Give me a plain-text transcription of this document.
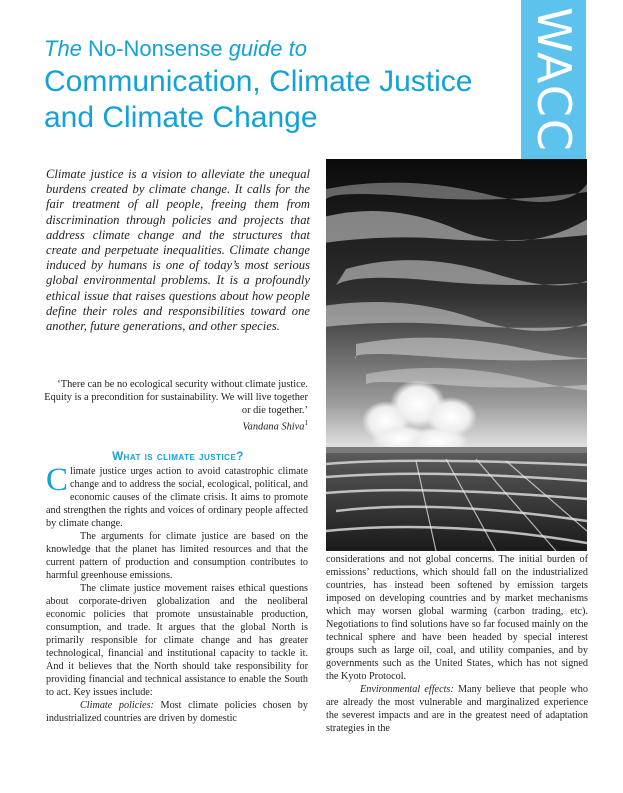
WACC
The No-Nonsense guide to
Communication, Climate Justice
and Climate Change

Climate justice is a vision to alleviate the unequal burdens created by climate change. It calls for the fair treatment of all people, freeing them from discrimination through policies and projects that address climate change and the structures that create and perpetuate inequalities. Climate change induced by humans is one of today’s most serious global environmental problems. It is a profoundly ethical issue that raises questions about how people define their roles and responsibilities toward one another, future generations, and other species.

‘There can be no ecological security without climate justice. Equity is a precondition for sustainability. We will live together or die together.’
Vandana Shiva$^1$
What is climate justice?

Climate justice urges action to avoid catastrophic climate change and to address the social, ecological, political, and economic causes of the climate crisis. It aims to promote and strengthen the rights and voices of ordinary people affected by climate change.

The arguments for climate justice are based on the knowledge that the planet has limited resources and that the current pattern of production and consumption contributes to harmful greenhouse emissions.

The climate justice movement raises ethical questions about corporate-driven globalization and the neoliberal economic policies that promote unsustainable production, consumption, and trade. It argues that the global North is primarily responsible for climate change and has greater technological, financial and institutional capacity to tackle it. And it believes that the North should take responsibility for providing financial and technical assistance to enable the South to act. Key issues include:

Climate policies: Most climate policies chosen by industrialized countries are driven by domestic

considerations and not global concerns. The initial burden of emissions’ reductions, which should fall on the industrialized countries, has instead been softened by emission targets imposed on developing countries and by market mechanisms which may worsen global warming (carbon trading, etc). Negotiations to find solutions have so far focused mainly on the technical sphere and have been headed by special interest groups such as large oil, coal, and utility companies, and by governments such as the United States, which has not signed the Kyoto Protocol.

Environmental effects: Many believe that people who are already the most vulnerable and marginalized experience the severest impacts and are in the greatest need of adaptation strategies in the
